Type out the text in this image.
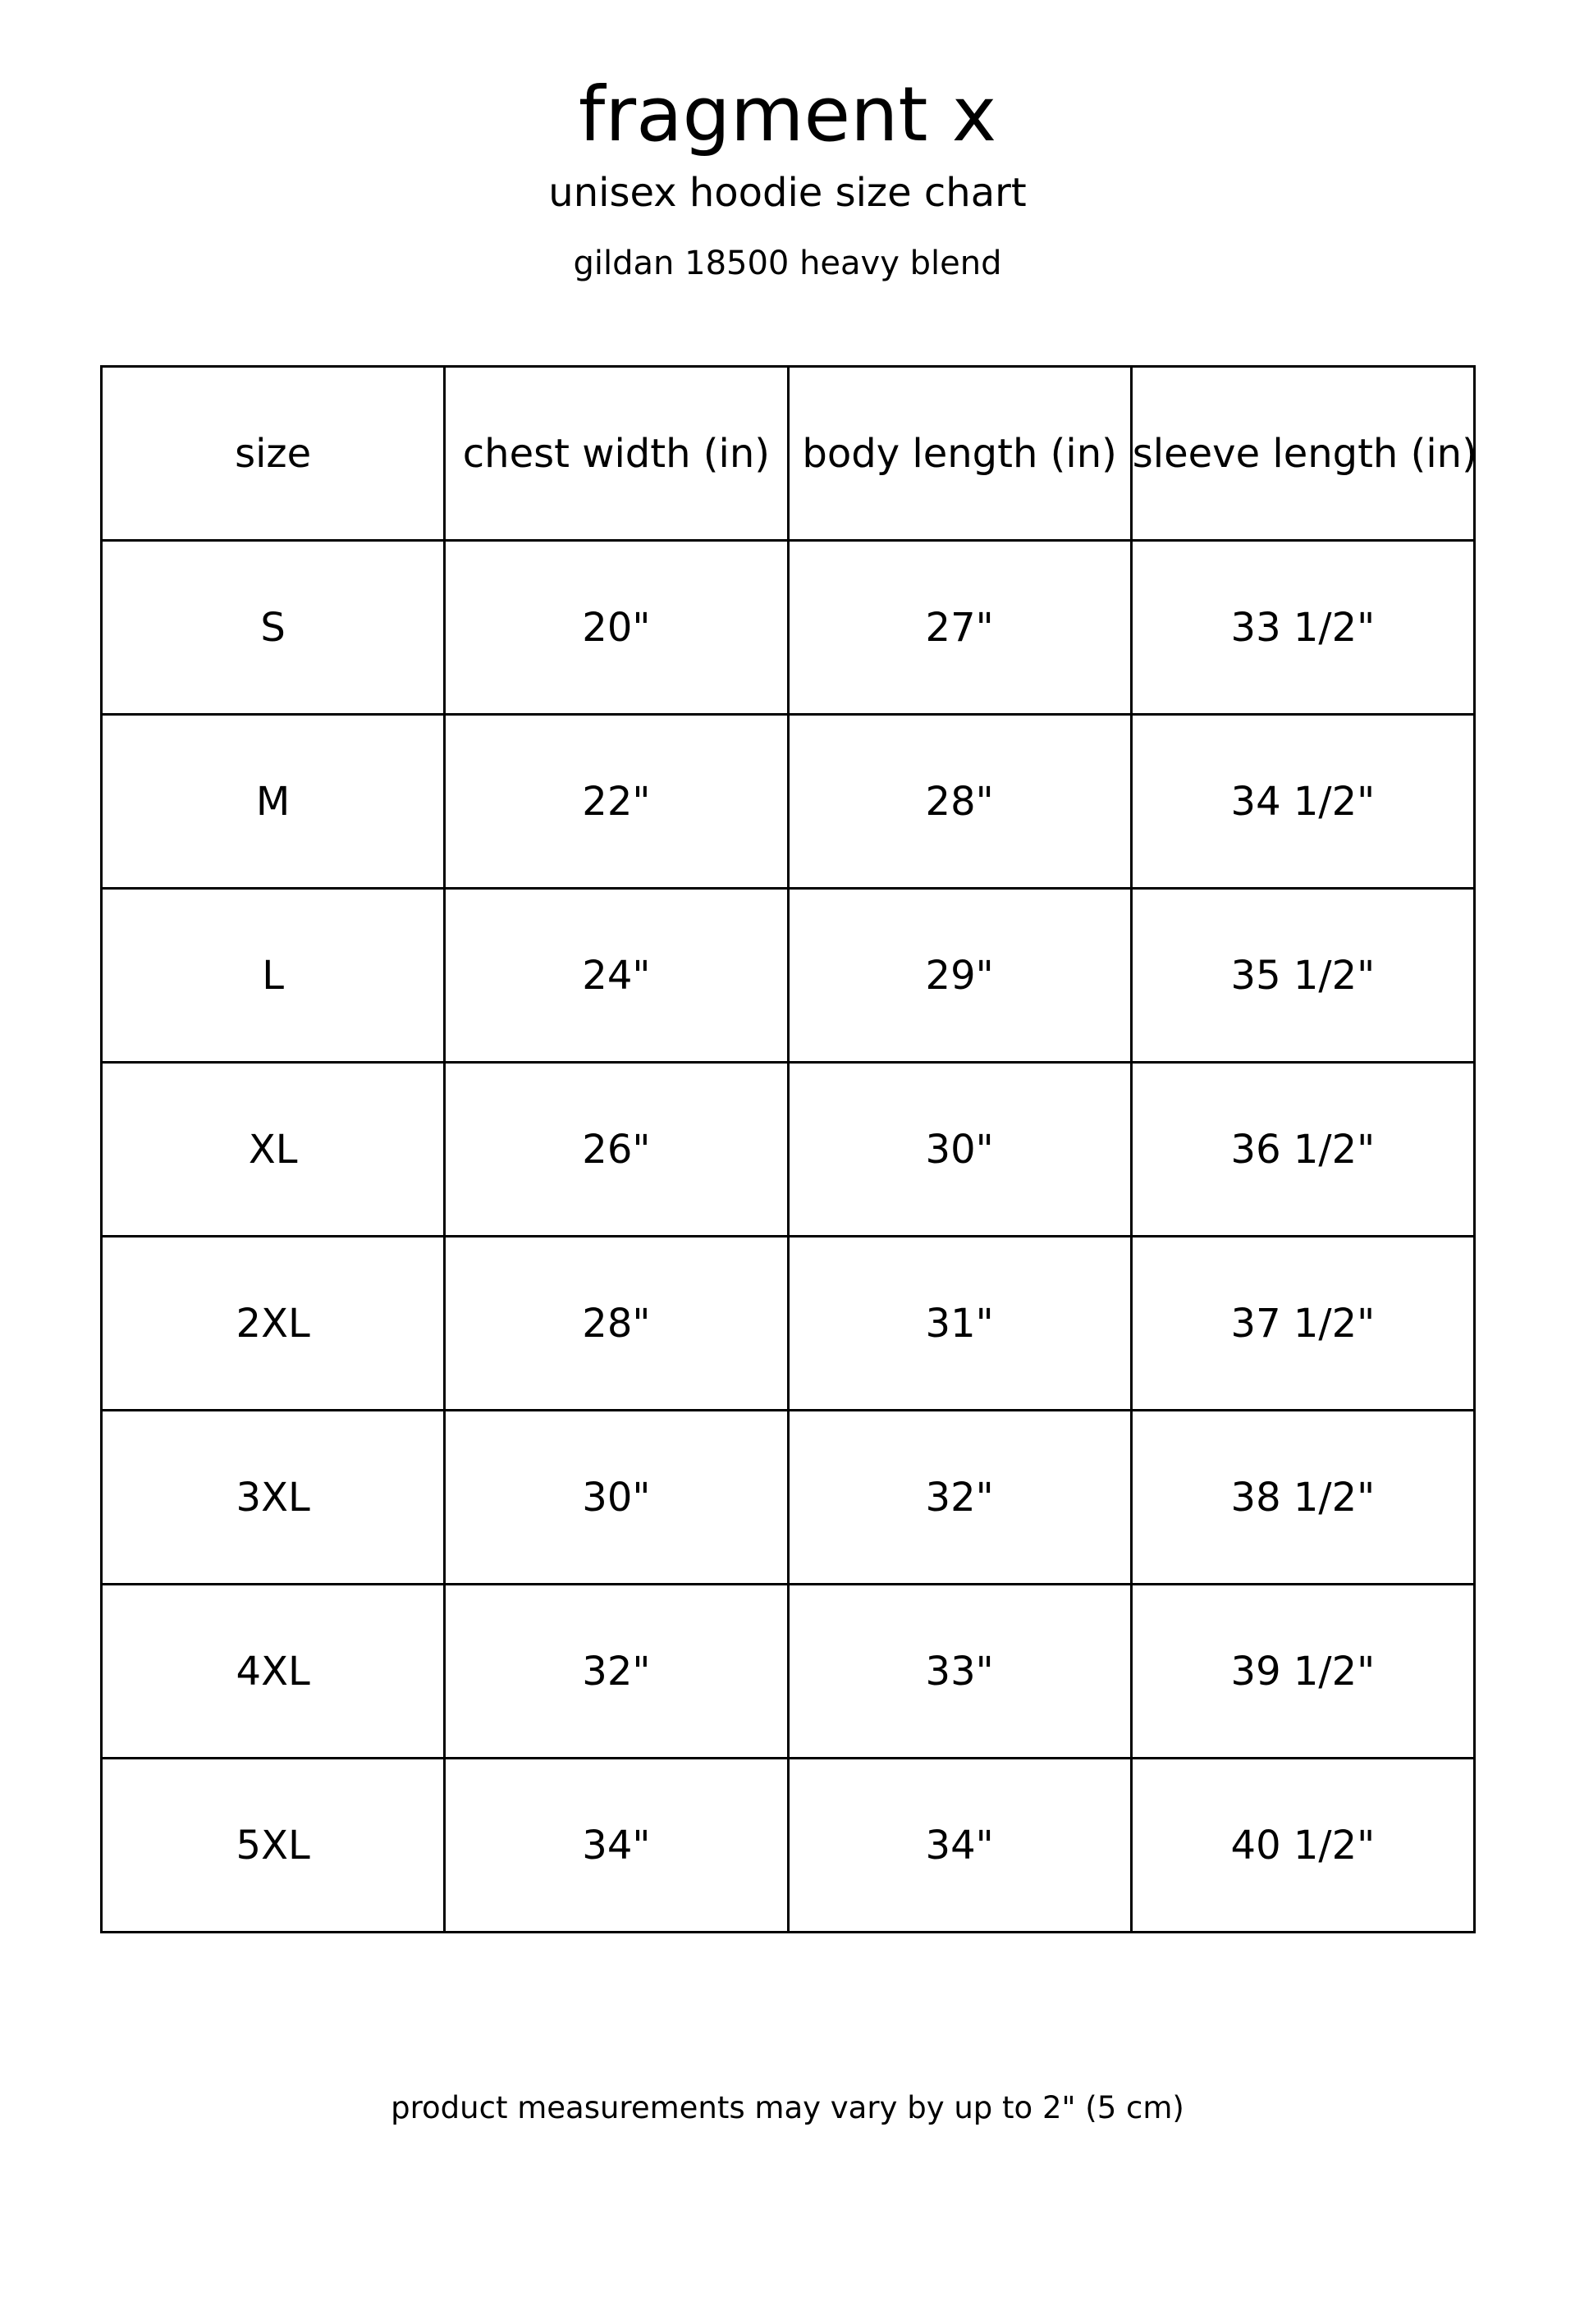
fragment x

unisex hoodie size chart

gildan 18500 heavy blend

size	chest width (in)	body length (in)	sleeve length (in)
S	20"	27"	33 1/2"
M	22"	28"	34 1/2"
L	24"	29"	35 1/2"
XL	26"	30"	36 1/2"
2XL	28"	31"	37 1/2"
3XL	30"	32"	38 1/2"
4XL	32"	33"	39 1/2"
5XL	34"	34"	40 1/2"

product measurements may vary by up to 2" (5 cm)
